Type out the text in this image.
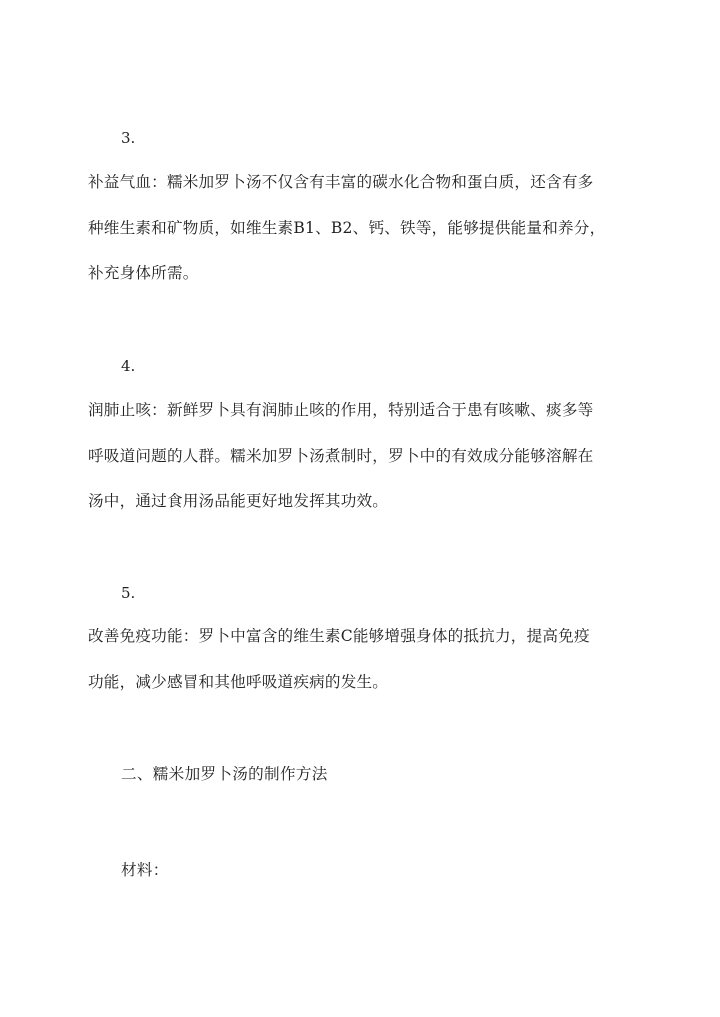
3.
补益气血：糯米加罗卜汤不仅含有丰富的碳水化合物和蛋白质，还含有多
种维生素和矿物质，如维生素B1、B2、钙、铁等，能够提供能量和养分，
补充身体所需。
4.
润肺止咳：新鲜罗卜具有润肺止咳的作用，特别适合于患有咳嗽、痰多等
呼吸道问题的人群。糯米加罗卜汤煮制时，罗卜中的有效成分能够溶解在
汤中，通过食用汤品能更好地发挥其功效。
5.
改善免疫功能：罗卜中富含的维生素C能够增强身体的抵抗力，提高免疫
功能，减少感冒和其他呼吸道疾病的发生。
二、糯米加罗卜汤的制作方法
材料：
